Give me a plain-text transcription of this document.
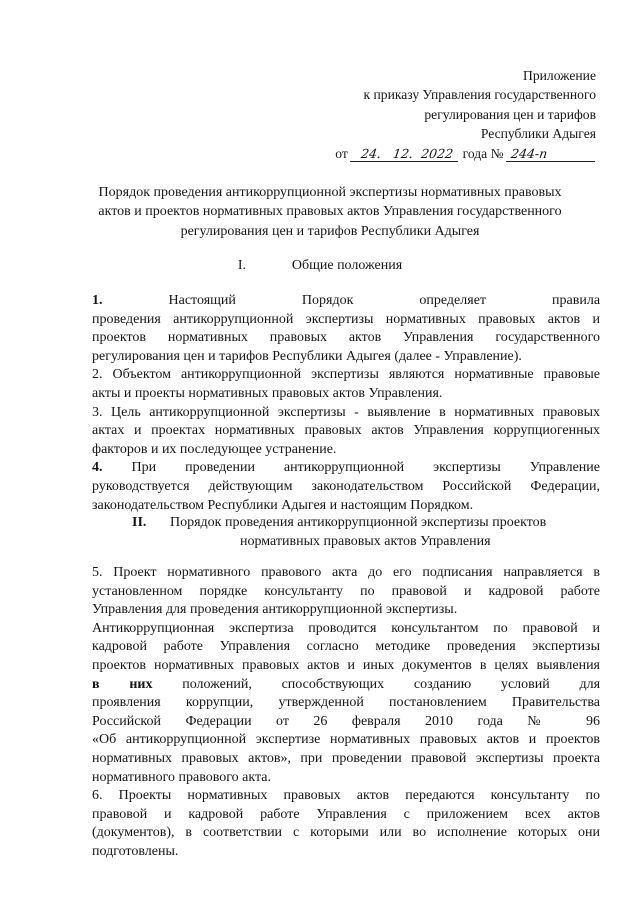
Приложение
к приказу Управления государственного
регулирования цен и тарифов
Республики Адыгея
от 24. 12. 2022 года № 244-п
Порядок проведения антикоррупционной экспертизы нормативных правовых
актов и проектов нормативных правовых актов Управления государственного
регулирования цен и тарифов Республики Адыгея
I.	Общие положения
1.	Настоящий	Порядок	определяет	правила
проведения антикоррупционной экспертизы нормативных правовых актов и
проектов нормативных правовых актов Управления государственного
регулирования цен и тарифов Республики Адыгея (далее - Управление).
2. Объектом антикоррупционной экспертизы являются нормативные правовые
акты и проекты нормативных правовых актов Управления.
3. Цель антикоррупционной экспертизы - выявление в нормативных правовых
актах и проектах нормативных правовых актов Управления коррупциогенных
факторов и их последующее устранение.
4. При проведении антикоррупционной экспертизы Управление
руководствуется действующим законодательством Российской Федерации,
законодательством Республики Адыгея и настоящим Порядком.
II.	Порядок проведения антикоррупционной экспертизы проектов
нормативных правовых актов Управления
5. Проект нормативного правового акта до его подписания направляется в
установленном порядке консультанту по правовой и кадровой работе
Управления для проведения антикоррупционной экспертизы.
Антикоррупционная экспертиза проводится консультантом по правовой и
кадровой работе Управления согласно методике проведения экспертизы
проектов нормативных правовых актов и иных документов в целях выявления
в них положений, способствующих созданию условий для
проявления коррупции, утвержденной постановлением Правительства
Российской Федерации от 26 февраля 2010 года № 96
«Об антикоррупционной экспертизе нормативных правовых актов и проектов
нормативных правовых актов», при проведении правовой экспертизы проекта
нормативного правового акта.
6. Проекты нормативных правовых актов передаются консультанту по
правовой и кадровой работе Управления с приложением всех актов
(документов), в соответствии с которыми или во исполнение которых они
подготовлены.
